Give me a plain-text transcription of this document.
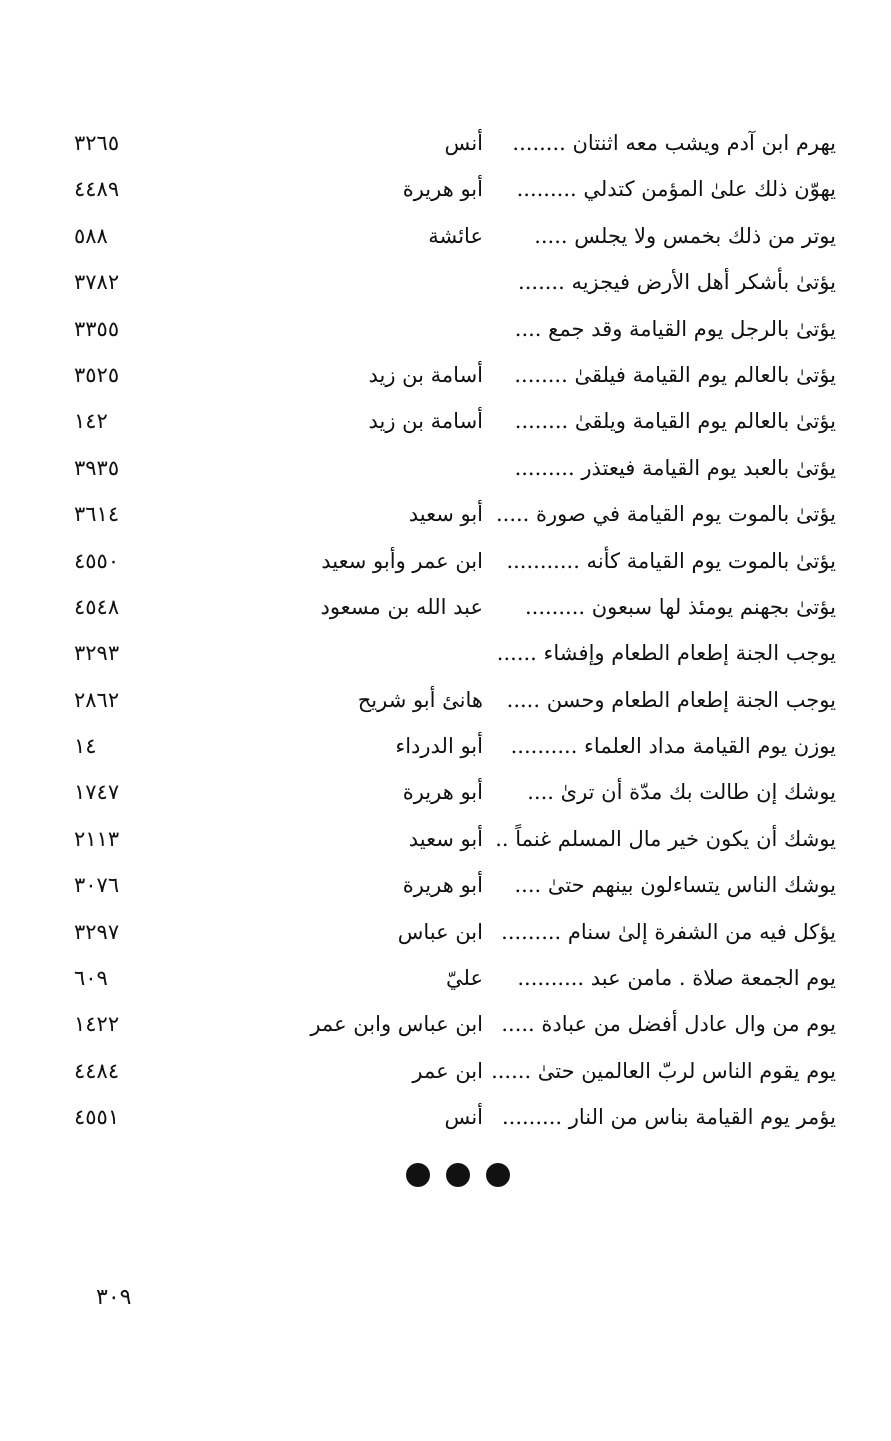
يهرم ابن آدم ويشب معه اثنتان ........
أنس
٣٢٦٥
يهوّن ذلك علىٰ المؤمن كتدلي .........
أبو هريرة
٤٤٨٩
يوتر من ذلك بخمس ولا يجلس .....
عائشة
٥٨٨
يؤتىٰ بأشكر أهل الأرض فيجزيه .......
٣٧٨٢
يؤتىٰ بالرجل يوم القيامة وقد جمع ....
٣٣٥٥
يؤتىٰ بالعالم يوم القيامة فيلقىٰ ........
أسامة بن زيد
٣٥٢٥
يؤتىٰ بالعالم يوم القيامة ويلقىٰ ........
أسامة بن زيد
١٤٢
يؤتىٰ بالعبد يوم القيامة فيعتذر .........
٣٩٣٥
يؤتىٰ بالموت يوم القيامة في صورة .....
أبو سعيد
٣٦١٤
يؤتىٰ بالموت يوم القيامة كأنه ...........
ابن عمر وأبو سعيد
٤٥٥٠
يؤتىٰ بجهنم يومئذ لها سبعون .........
عبد الله بن مسعود
٤٥٤٨
يوجب الجنة إطعام الطعام وإفشاء ......
٣٢٩٣
يوجب الجنة إطعام الطعام وحسن .....
هانئ أبو شريح
٢٨٦٢
يوزن يوم القيامة مداد العلماء ..........
أبو الدرداء
١٤
يوشك إن طالت بك مدّة أن ترىٰ ....
أبو هريرة
١٧٤٧
يوشك أن يكون خير مال المسلم غنماً ..
أبو سعيد
٢١١٣
يوشك الناس يتساءلون بينهم حتىٰ ....
أبو هريرة
٣٠٧٦
يؤكل فيه من الشفرة إلىٰ سنام .........
ابن عباس
٣٢٩٧
يوم الجمعة صلاة . مامن عبد ..........
عليّ
٦٠٩
يوم من وال عادل أفضل من عبادة .....
ابن عباس وابن عمر
١٤٢٢
يوم يقوم الناس لربّ العالمين حتىٰ ......
ابن عمر
٤٤٨٤
يؤمر يوم القيامة بناس من النار .........
أنس
٤٥٥١
٣٠٩
